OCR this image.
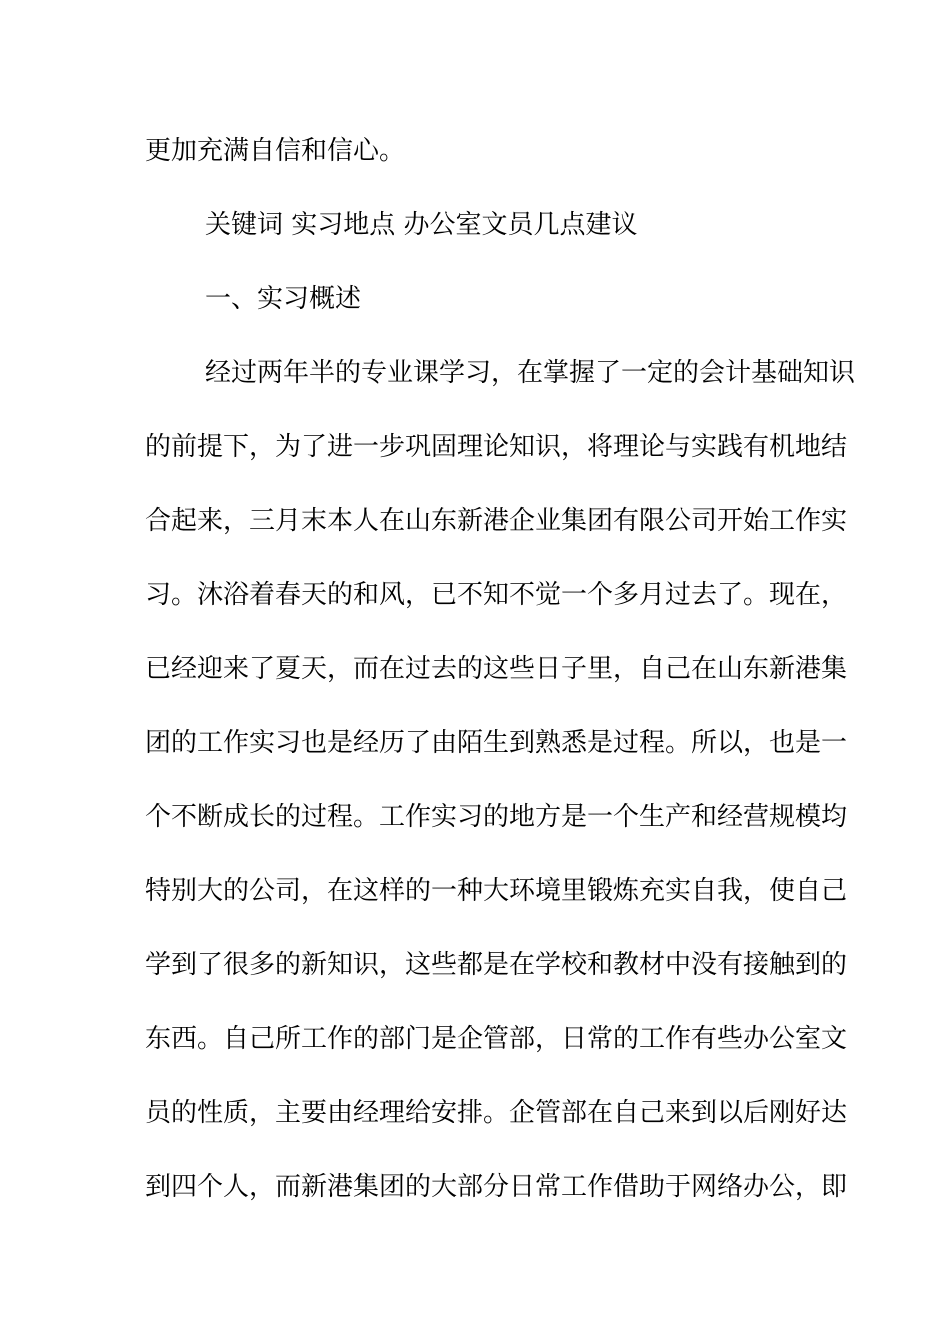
更加充满自信和信心。
关键词 实习地点 办公室文员几点建议
一、实习概述
经过两年半的专业课学习，在掌握了一定的会计基础知识
的前提下，为了进一步巩固理论知识，将理论与实践有机地结
合起来，三月末本人在山东新港企业集团有限公司开始工作实
习。沐浴着春天的和风，已不知不觉一个多月过去了。现在，
已经迎来了夏天，而在过去的这些日子里，自己在山东新港集
团的工作实习也是经历了由陌生到熟悉是过程。所以，也是一
个不断成长的过程。工作实习的地方是一个生产和经营规模均
特别大的公司，在这样的一种大环境里锻炼充实自我，使自己
学到了很多的新知识，这些都是在学校和教材中没有接触到的
东西。自己所工作的部门是企管部，日常的工作有些办公室文
员的性质，主要由经理给安排。企管部在自己来到以后刚好达
到四个人，而新港集团的大部分日常工作借助于网络办公，即
